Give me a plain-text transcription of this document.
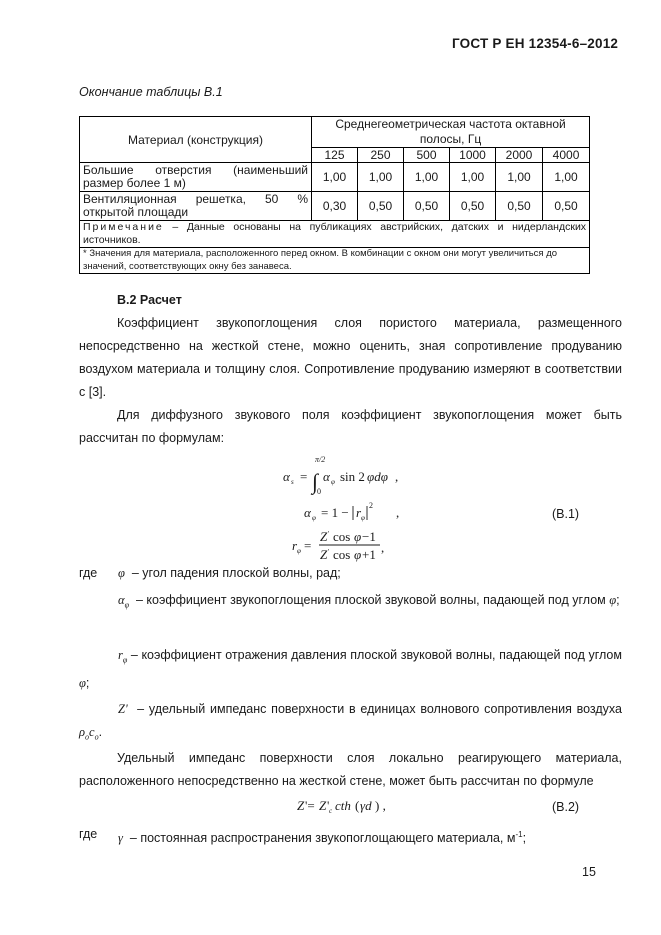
ГОСТ Р ЕН 12354-6–2012
Окончание таблицы В.1
Материал (конструкция)	Среднегеометрическая частота октавной полосы, Гц					
	125	250	500	1000	2000	4000
Большие отверстия (наименьший размер более 1 м)	1,00	1,00	1,00	1,00	1,00	1,00
Вентиляционная решетка, 50 % открытой площади	0,30	0,50	0,50	0,50	0,50	0,50
Примечание – Данные основаны на публикациях австрийских, датских и нидерландских источников.						
* Значения для материала, расположенного перед окном. В комбинации с окном они могут увеличиться до значений, соответствующих окну без занавеса.						
В.2 Расчет
Коэффициент звукопоглощения слоя пористого материала, размещенного непосредственно на жесткой стене, можно оценить, зная сопротивление продуванию воздухом материала и толщину слоя. Сопротивление продуванию измеряют в соответствии с [3].
Для диффузного звукового поля коэффициент звукопоглощения может быть рассчитан по формулам:
α s =
π/2
∫
0
α φ sin 2 φdφ ,
α φ = 1 − r φ
2 ,
r φ =
Z ' cos φ −1
Z ' cos φ +1 ,
(В.1)
где φ – угол падения плоской волны, рад;
$\alpha_\varphi$ – коэффициент звукопоглощения плоской звуковой волны, падающей под углом φ;
$r_\varphi$ – коэффициент отражения давления плоской звуковой волны, падающей под углом φ;
Z' – удельный импеданс поверхности в единицах волнового сопротивления воздуха $\rho_oc_o$.
Удельный импеданс поверхности слоя локально реагирующего материала, расположенного непосредственно на жесткой стене, может быть рассчитан по формуле
Z '= Z ' c cth ( γd ) ,	(В.2)
где γ – постоянная распространения звукопоглощающего материала, $м^{-1}$;
15
